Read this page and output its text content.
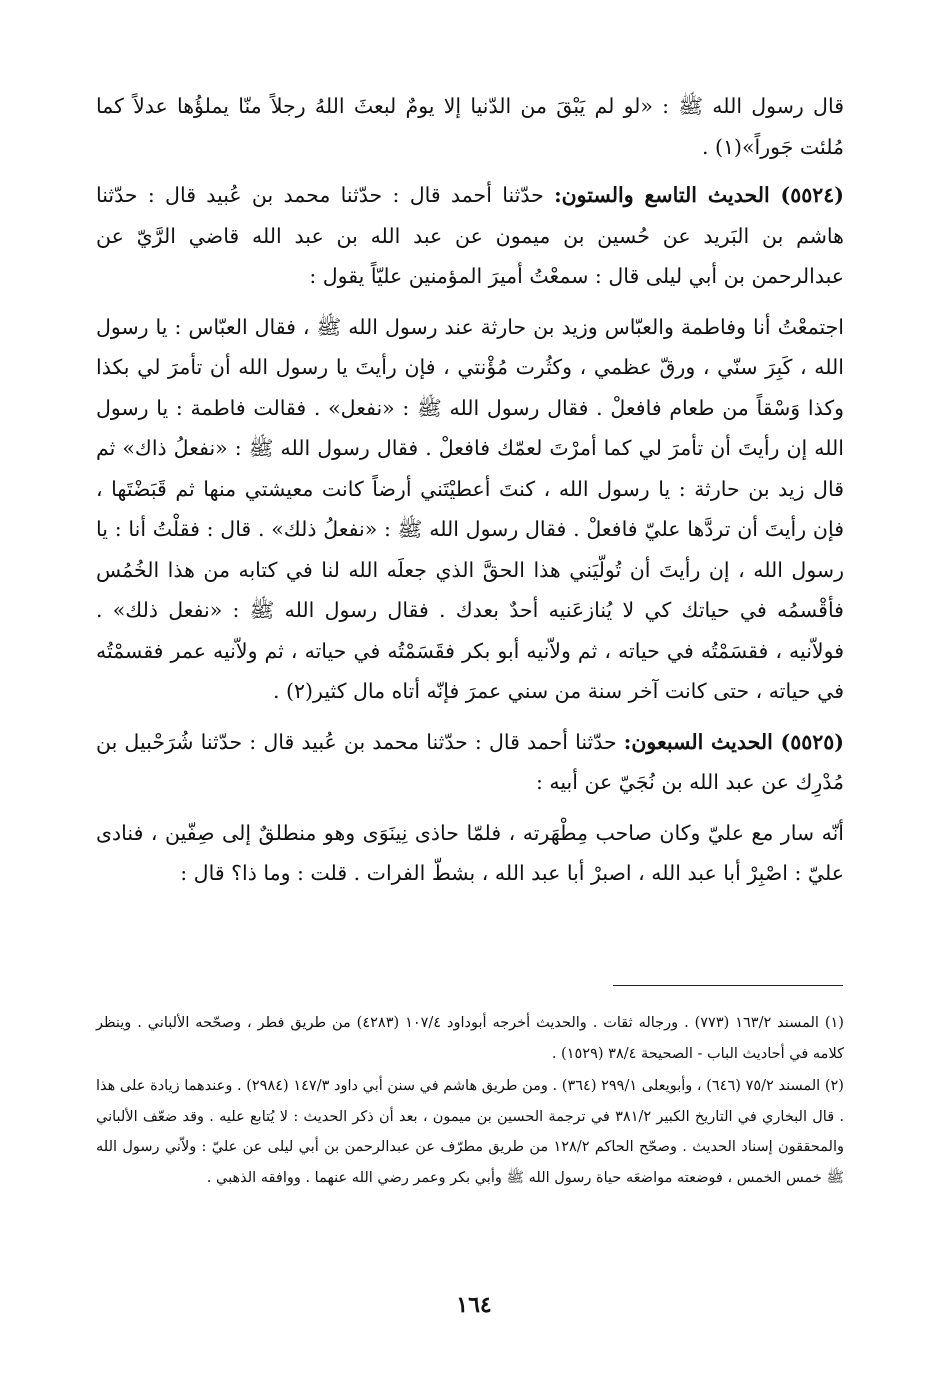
قال رسول الله ﷺ : «لو لم يَبْقَ من الدّنيا إلا يومٌ لبعثَ اللهُ رجلاً منّا يملؤُها عدلاً كما مُلئت جَوراً»(١) .

(٥٥٢٤) الحديث التاسع والستون: حدّثنا أحمد قال : حدّثنا محمد بن عُبيد قال : حدّثنا هاشم بن البَريد عن حُسين بن ميمون عن عبد الله بن عبد الله قاضي الرَّيّ عن عبدالرحمن بن أبي ليلى قال : سمعْتُ أميرَ المؤمنين عليّاً يقول :

اجتمعْتُ أنا وفاطمة والعبّاس وزيد بن حارثة عند رسول الله ﷺ ، فقال العبّاس : يا رسول الله ، كَبِرَ سنّي ، ورقّ عظمي ، وكثُرت مُؤْنتي ، فإن رأيتَ يا رسول الله أن تأمرَ لي بكذا وكذا وَسْقاً من طعام فافعلْ . فقال رسول الله ﷺ : «نفعل» . فقالت فاطمة : يا رسول الله إن رأيتَ أن تأمرَ لي كما أمرْتَ لعمّك فافعلْ . فقال رسول الله ﷺ : «نفعلُ ذاك» ثم قال زيد بن حارثة : يا رسول الله ، كنتَ أعطيْتَني أرضاً كانت معيشتي منها ثم قَبَضْتَها ، فإن رأيتَ أن تردَّها عليّ فافعلْ . فقال رسول الله ﷺ : «نفعلُ ذلك» . قال : فقلْتُ أنا : يا رسول الله ، إن رأيتَ أن تُولّيَني هذا الحقَّ الذي جعلَه الله لنا في كتابه من هذا الخُمُس فأقْسمُه في حياتك كي لا يُنازعَنيه أحدٌ بعدك . فقال رسول الله ﷺ : «نفعل ذلك» . فولاّنيه ، فقسَمْتُه في حياته ، ثم ولاّنيه أبو بكر فقَسَمْتُه في حياته ، ثم ولاّنيه عمر فقسمْتُه في حياته ، حتى كانت آخر سنة من سني عمرَ فإنّه أتاه مال كثير(٢) .

(٥٥٢٥) الحديث السبعون: حدّثنا أحمد قال : حدّثنا محمد بن عُبيد قال : حدّثنا شُرَحْبيل بن مُدْرِك عن عبد الله بن نُجَيّ عن أبيه :

أنّه سار مع عليّ وكان صاحب مِطْهَرته ، فلمّا حاذى نِينَوَى وهو منطلقٌ إلى صِفّين ، فنادى عليّ : اصْبِرْ أبا عبد الله ، اصبرْ أبا عبد الله ، بشطّ الفرات . قلت : وما ذا؟ قال :

(١) المسند ١٦٣/٢ (٧٧٣) . ورجاله ثقات . والحديث أخرجه أبوداود ١٠٧/٤ (٤٢٨٣) من طريق فطر ، وصحّحه الألباني . وينظر كلامه في أحاديث الباب - الصحيحة ٣٨/٤ (١٥٢٩) .

(٢) المسند ٧٥/٢ (٦٤٦) ، وأبويعلى ٢٩٩/١ (٣٦٤) . ومن طريق هاشم في سنن أبي داود ١٤٧/٣ (٢٩٨٤) . وعندهما زيادة على هذا . قال البخاري في التاريخ الكبير ٣٨١/٢ في ترجمة الحسين بن ميمون ، بعد أن ذكر الحديث : لا يُتابع عليه . وقد ضعّف الألباني والمحققون إسناد الحديث . وصحّح الحاكم ١٢٨/٢ من طريق مطرّف عن عبدالرحمن بن أبي ليلى عن عليّ : ولاّني رسول الله ﷺ خمس الخمس ، فوضعته مواضعَه حياة رسول الله ﷺ وأبي بكر وعمر رضي الله عنهما . ووافقه الذهبي .

١٦٤
